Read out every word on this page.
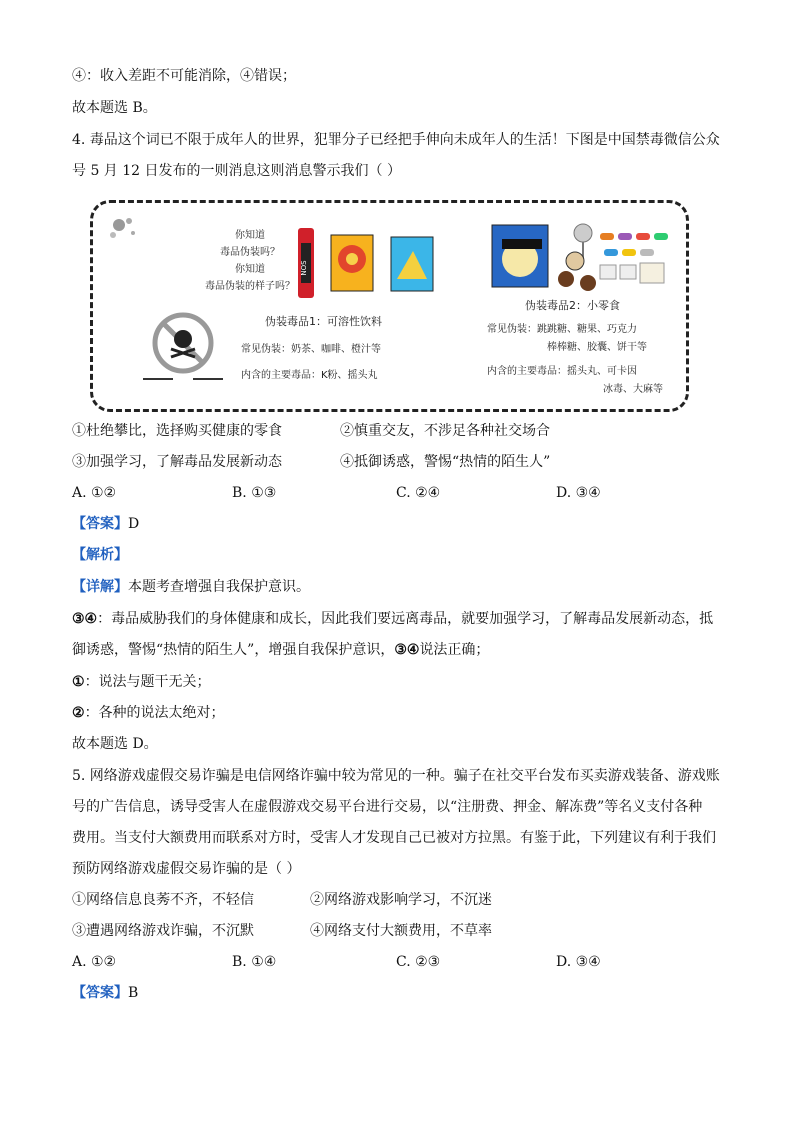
④：收入差距不可能消除，④错误；
故本题选 B。
4. 毒品这个词已不限于成年人的世界，犯罪分子已经把手伸向未成年人的生活！下图是中国禁毒微信公众
号 5 月 12 日发布的一则消息这则消息警示我们（ ）
你知道
毒品伪装吗？
你知道
毒品伪装的样子吗？
NOS
伪装毒品1：可溶性饮料
常见伪装：奶茶、咖啡、橙汁等
内含的主要毒品：K粉、摇头丸
伪装毒品2：小零食
常见伪装：跳跳糖、糖果、巧克力
棒棒糖、胶囊、饼干等
内含的主要毒品：摇头丸、可卡因
冰毒、大麻等
①杜绝攀比，选择购买健康的零食	②慎重交友，不涉足各种社交场合
③加强学习，了解毒品发展新动态	④抵御诱惑，警惕“热情的陌生人”
A. ①②	B. ①③	C. ②④	D. ③④
【答案】D
【解析】
【详解】本题考查增强自我保护意识。
③④：毒品威胁我们的身体健康和成长，因此我们要远离毒品，就要加强学习，了解毒品发展新动态，抵
御诱惑，警惕“热情的陌生人”，增强自我保护意识，③④说法正确；
①：说法与题干无关；
②：各种的说法太绝对；
故本题选 D。
5. 网络游戏虚假交易诈骗是电信网络诈骗中较为常见的一种。骗子在社交平台发布买卖游戏装备、游戏账
号的广告信息，诱导受害人在虚假游戏交易平台进行交易，以“注册费、押金、解冻费”等名义支付各种
费用。当支付大额费用而联系对方时，受害人才发现自己已被对方拉黑。有鉴于此，下列建议有利于我们
预防网络游戏虚假交易诈骗的是（ ）
①网络信息良莠不齐，不轻信	②网络游戏影响学习，不沉迷
③遭遇网络游戏诈骗，不沉默	④网络支付大额费用，不草率
A. ①②	B. ①④	C. ②③	D. ③④
【答案】B
